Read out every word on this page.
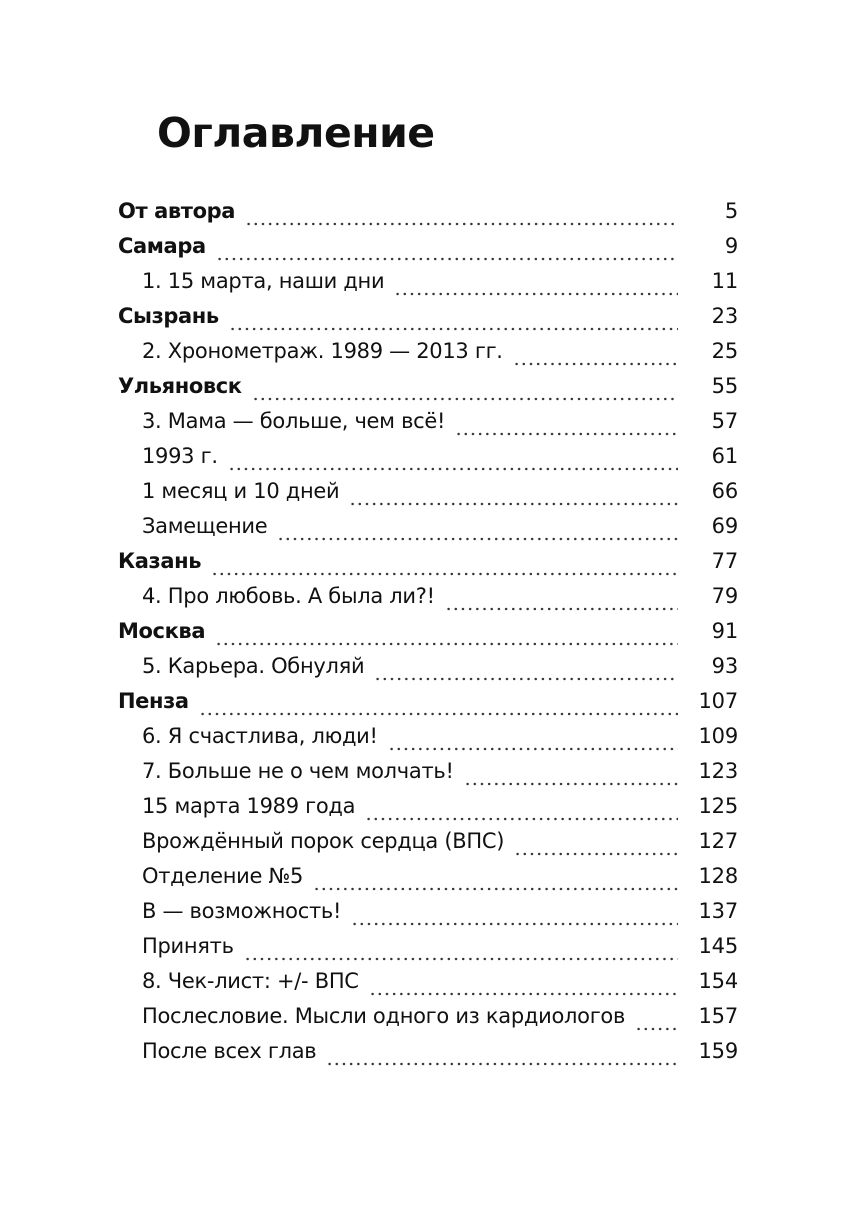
Оглавление
От автора	5
Самара	9
1. 15 марта, наши дни	11
Сызрань	23
2. Хронометраж. 1989 — 2013 гг.	25
Ульяновск	55
3. Мама — больше, чем всё!	57
1993 г.	61
1 месяц и 10 дней	66
Замещение	69
Казань	77
4. Про любовь. А была ли?!	79
Москва	91
5. Карьера. Обнуляй	93
Пенза	107
6. Я счастлива, люди!	109
7. Больше не о чем молчать!	123
15 марта 1989 года	125
Врождённый порок сердца (ВПС)	127
Отделение №5	128
В — возможность!	137
Принять	145
8. Чек-лист: +/- ВПС	154
Послесловие. Мысли одного из кардиологов	157
После всех глав	159
